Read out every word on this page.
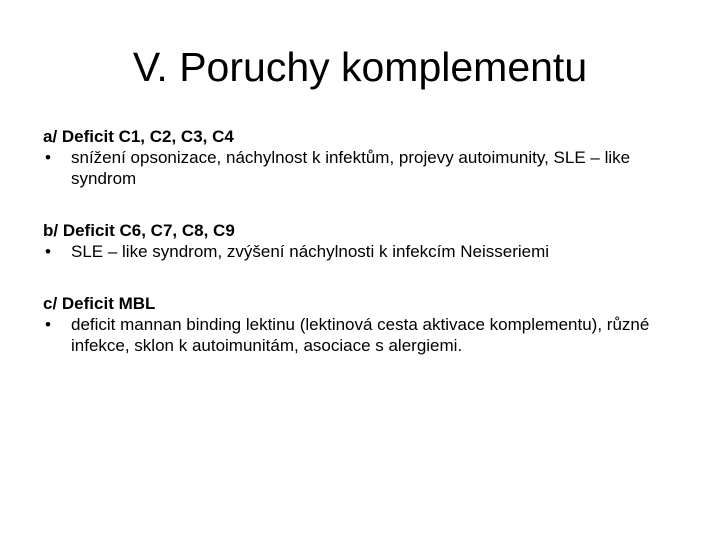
V. Poruchy komplementu

a/ Deficit C1, C2, C3, C4

• snížení opsonizace, náchylnost k infektům, projevy autoimunity, SLE – like syndrom

b/ Deficit C6, C7, C8, C9

• SLE – like syndrom, zvýšení náchylnosti k infekcím Neisseriemi

c/ Deficit MBL

• deficit mannan binding lektinu (lektinová cesta aktivace komplementu), různé infekce, sklon k autoimunitám, asociace s alergiemi.
